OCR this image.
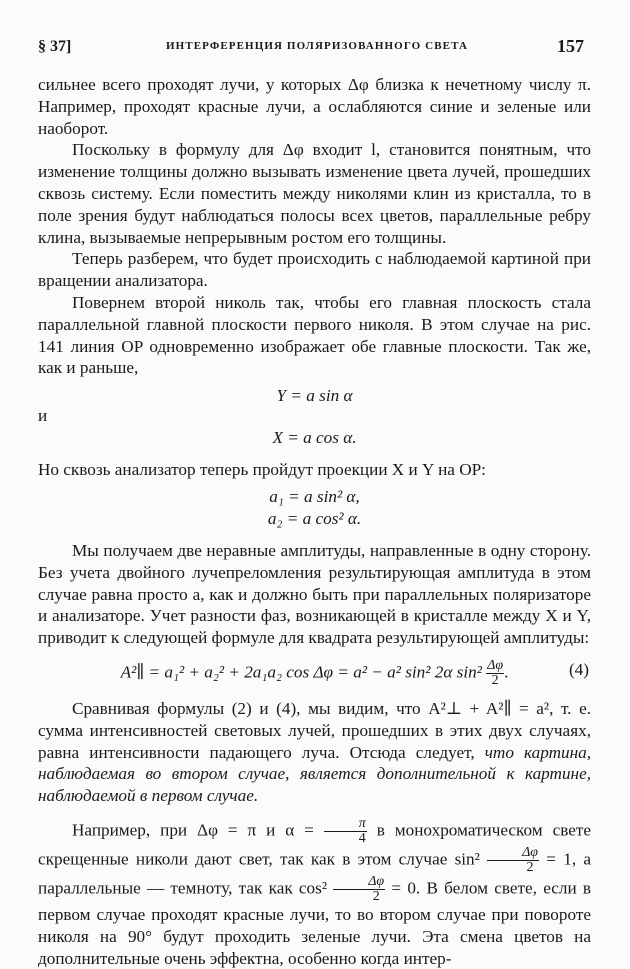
§ 37]	ИНТЕРФЕРЕНЦИЯ ПОЛЯРИЗОВАННОГО СВЕТА	157

сильнее всего проходят лучи, у которых Δφ близка к нечетному числу π. Например, проходят красные лучи, а ослабляются синие и зеленые или наоборот.

Поскольку в формулу для Δφ входит l, становится понятным, что изменение толщины должно вызывать изменение цвета лучей, прошедших сквозь систему. Если поместить между николями клин из кристалла, то в поле зрения будут наблюдаться полосы всех цветов, параллельные ребру клина, вызываемые непрерывным ростом его толщины.

Теперь разберем, что будет происходить с наблюдаемой картиной при вращении анализатора.

Повернем второй николь так, чтобы его главная плоскость стала параллельной главной плоскости первого николя. В этом случае на рис. 141 линия OP одновременно изображает обе главные плоскости. Так же, как и раньше,

Y = a sin α

и

X = a cos α.

Но сквозь анализатор теперь пройдут проекции X и Y на OP:

a₁ = a sin² α,

a₂ = a cos² α.

Мы получаем две неравные амплитуды, направленные в одну сторону. Без учета двойного лучепреломления результирующая амплитуда в этом случае равна просто a, как и должно быть при параллельных поляризаторе и анализаторе. Учет разности фаз, возникающей в кристалле между X и Y, приводит к следующей формуле для квадрата результирующей амплитуды:

A²∥ = a₁² + a₂² + 2a₁a₂ cos Δφ = a² − a² sin² 2α $\sin^2 \frac{\Delta\varphi}{2}$ .	(4)

Сравнивая формулы (2) и (4), мы видим, что A²⊥ + A²∥ = a², т. е. сумма интенсивностей световых лучей, прошедших в этих двух случаях, равна интенсивности падающего луча. Отсюда следует, что картина, наблюдаемая во втором случае, является дополнительной к картине, наблюдаемой в первом случае.

Например, при Δφ = π и $\alpha = \frac{\pi}{4}$ в монохроматическом свете скрещенные николи дают свет, так как в этом случае $\sin^2 \frac{\Delta\varphi}{2} = 1$, а параллельные — темноту, так как $\cos^2 \frac{\Delta\varphi}{2} = 0$. В белом свете, если в первом случае проходят красные лучи, то во втором случае при повороте николя на 90° будут проходить зеленые лучи. Эта смена цветов на дополнительные очень эффектна, особенно когда интер-
